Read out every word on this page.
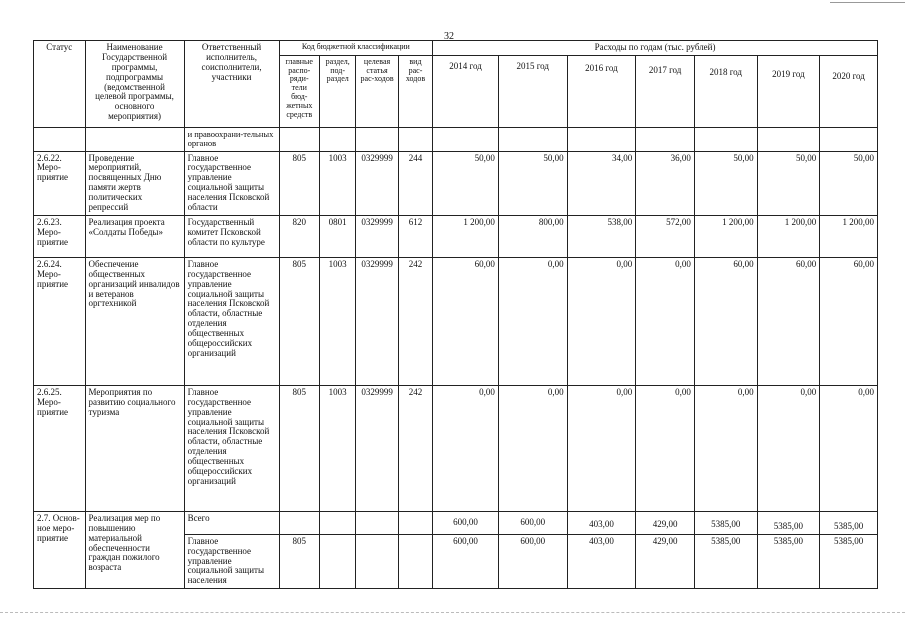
32
Статус	Наименование Государственной программы, подпрограммы (ведомственной целевой программы, основного мероприятия)	Ответственный исполнитель, соисполнители, участники	Код бюджетной классификации				Расходы по годам (тыс. рублей)						
			главные распо-ряди-тели бюд-жетных средств	раздел, под-раздел	целевая статья рас-ходов	вид рас-ходов	2014 год	2015 год	2016 год	2017 год	2018 год	2019 год	2020 год

		и правоохрани-тельных органов											
2.6.22. Меро-приятие	Проведение мероприятий, посвященных Дню памяти жертв политических репрессий	Главное государственное управление социальной защиты населения Псковской области	805	1003	0329999	244	50,00	50,00	34,00	36,00	50,00	50,00	50,00
2.6.23. Меро-приятие	Реализация проекта «Солдаты Победы»	Государственный комитет Псковской области по культуре	820	0801	0329999	612	1 200,00	800,00	538,00	572,00	1 200,00	1 200,00	1 200,00
2.6.24. Меро-приятие	Обеспечение общественных организаций инвалидов и ветеранов оргтехникой	Главное государственное управление социальной защиты населения Псковской области, областные отделения общественных общероссийских организаций	805	1003	0329999	242	60,00	0,00	0,00	0,00	60,00	60,00	60,00
2.6.25. Меро-приятие	Мероприятия по развитию социального туризма	Главное государственное управление социальной защиты населения Псковской области, областные отделения общественных общероссийских организаций	805	1003	0329999	242	0,00	0,00	0,00	0,00	0,00	0,00	0,00
2.7. Основ-ное меро-приятие	Реализация мер по повышению материальной обеспеченности граждан пожилого возраста	Всего					600,00	600,00	403,00	429,00	5385,00	5385,00	5385,00
		Главное государственное управление социальной защиты населения	805				600,00	600,00	403,00	429,00	5385,00	5385,00	5385,00
